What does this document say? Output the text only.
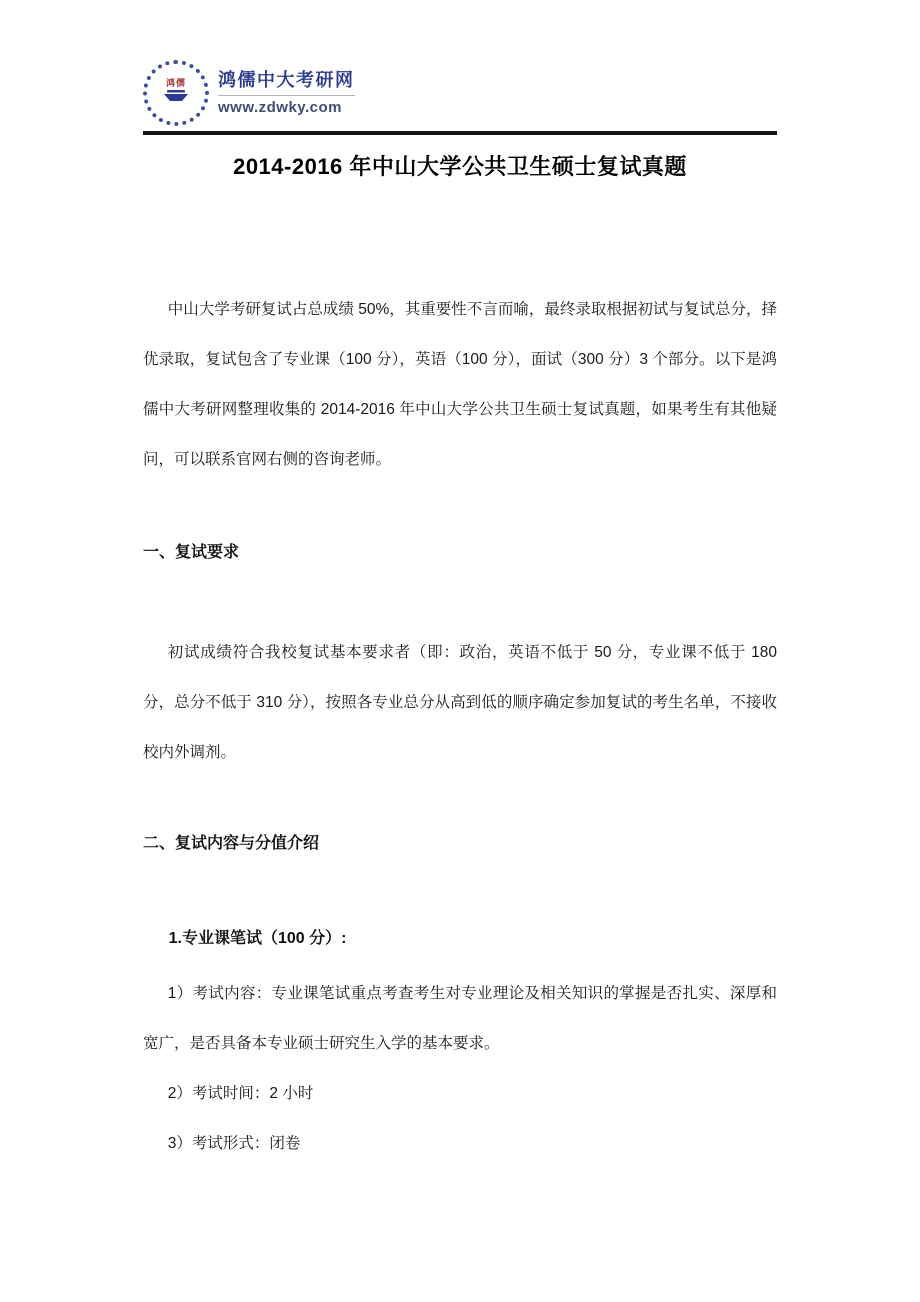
鸿儒 鸿儒中大考研网
www.zdwky.com
2014-2016 年中山大学公共卫生硕士复试真题

中山大学考研复试占总成绩 50%，其重要性不言而喻，最终录取根据初试与复试总分，择优录取，复试包含了专业课（100 分），英语（100 分），面试（300 分）3 个部分。以下是鸿儒中大考研网整理收集的 2014-2016 年中山大学公共卫生硕士复试真题，如果考生有其他疑问，可以联系官网右侧的咨询老师。

一、复试要求

初试成绩符合我校复试基本要求者（即：政治，英语不低于 50 分，专业课不低于 180 分，总分不低于 310 分），按照各专业总分从高到低的顺序确定参加复试的考生名单，不接收校内外调剂。

二、复试内容与分值介绍
1.专业课笔试（100 分）:

1）考试内容：专业课笔试重点考查考生对专业理论及相关知识的掌握是否扎实、深厚和宽广，是否具备本专业硕士研究生入学的基本要求。

2）考试时间：2 小时

3）考试形式：闭卷
